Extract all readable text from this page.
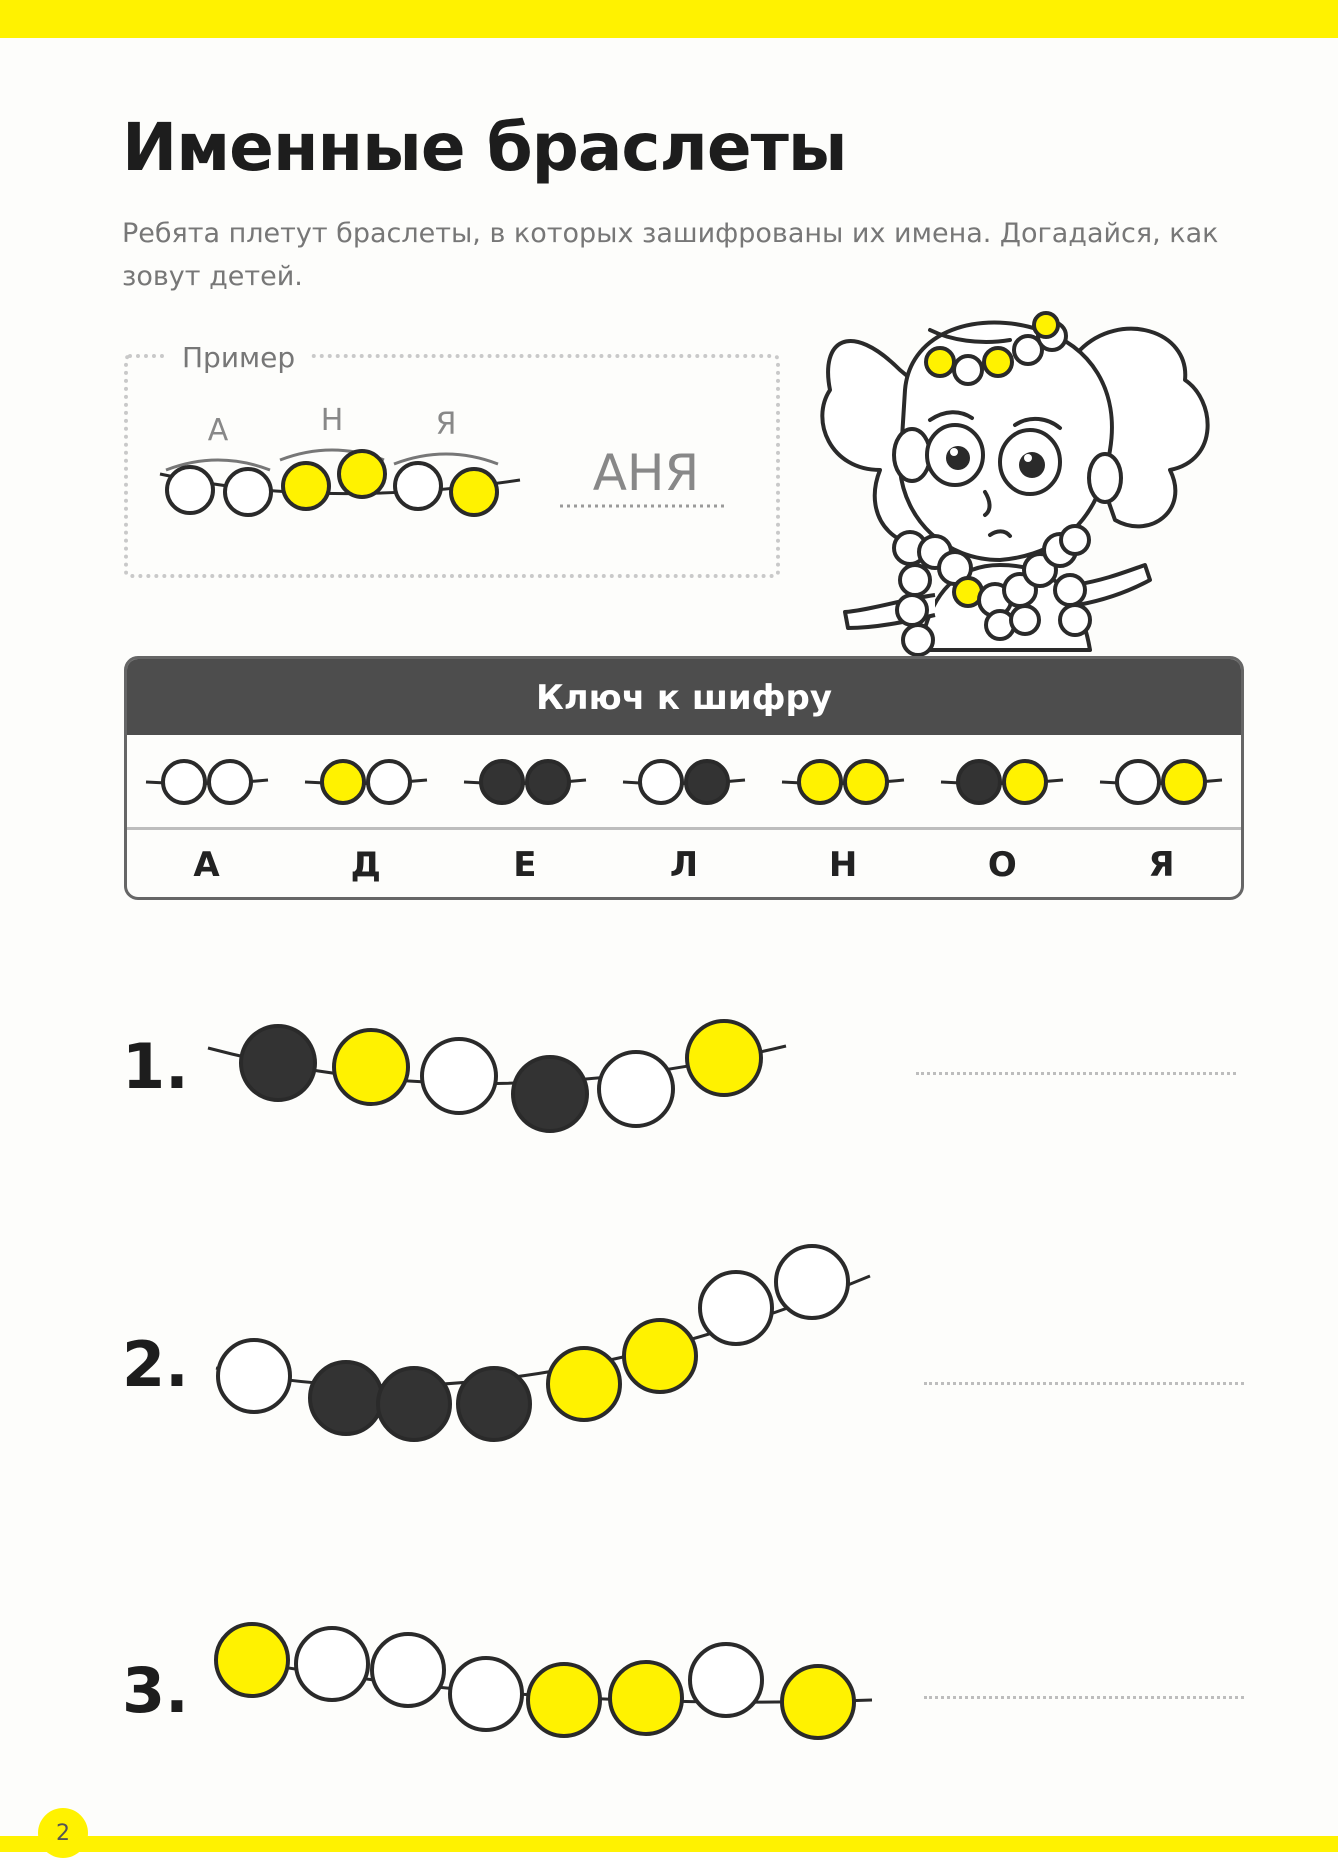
Именные браслеты

Ребята плетут браслеты, в которых зашифрованы их имена. Догадайся, как зовут детей.

Пример
А	Н	Я
АНЯ
Ключ к шифру
А	Д	Е	Л	Н	О	Я
1.
2.
3.
2
